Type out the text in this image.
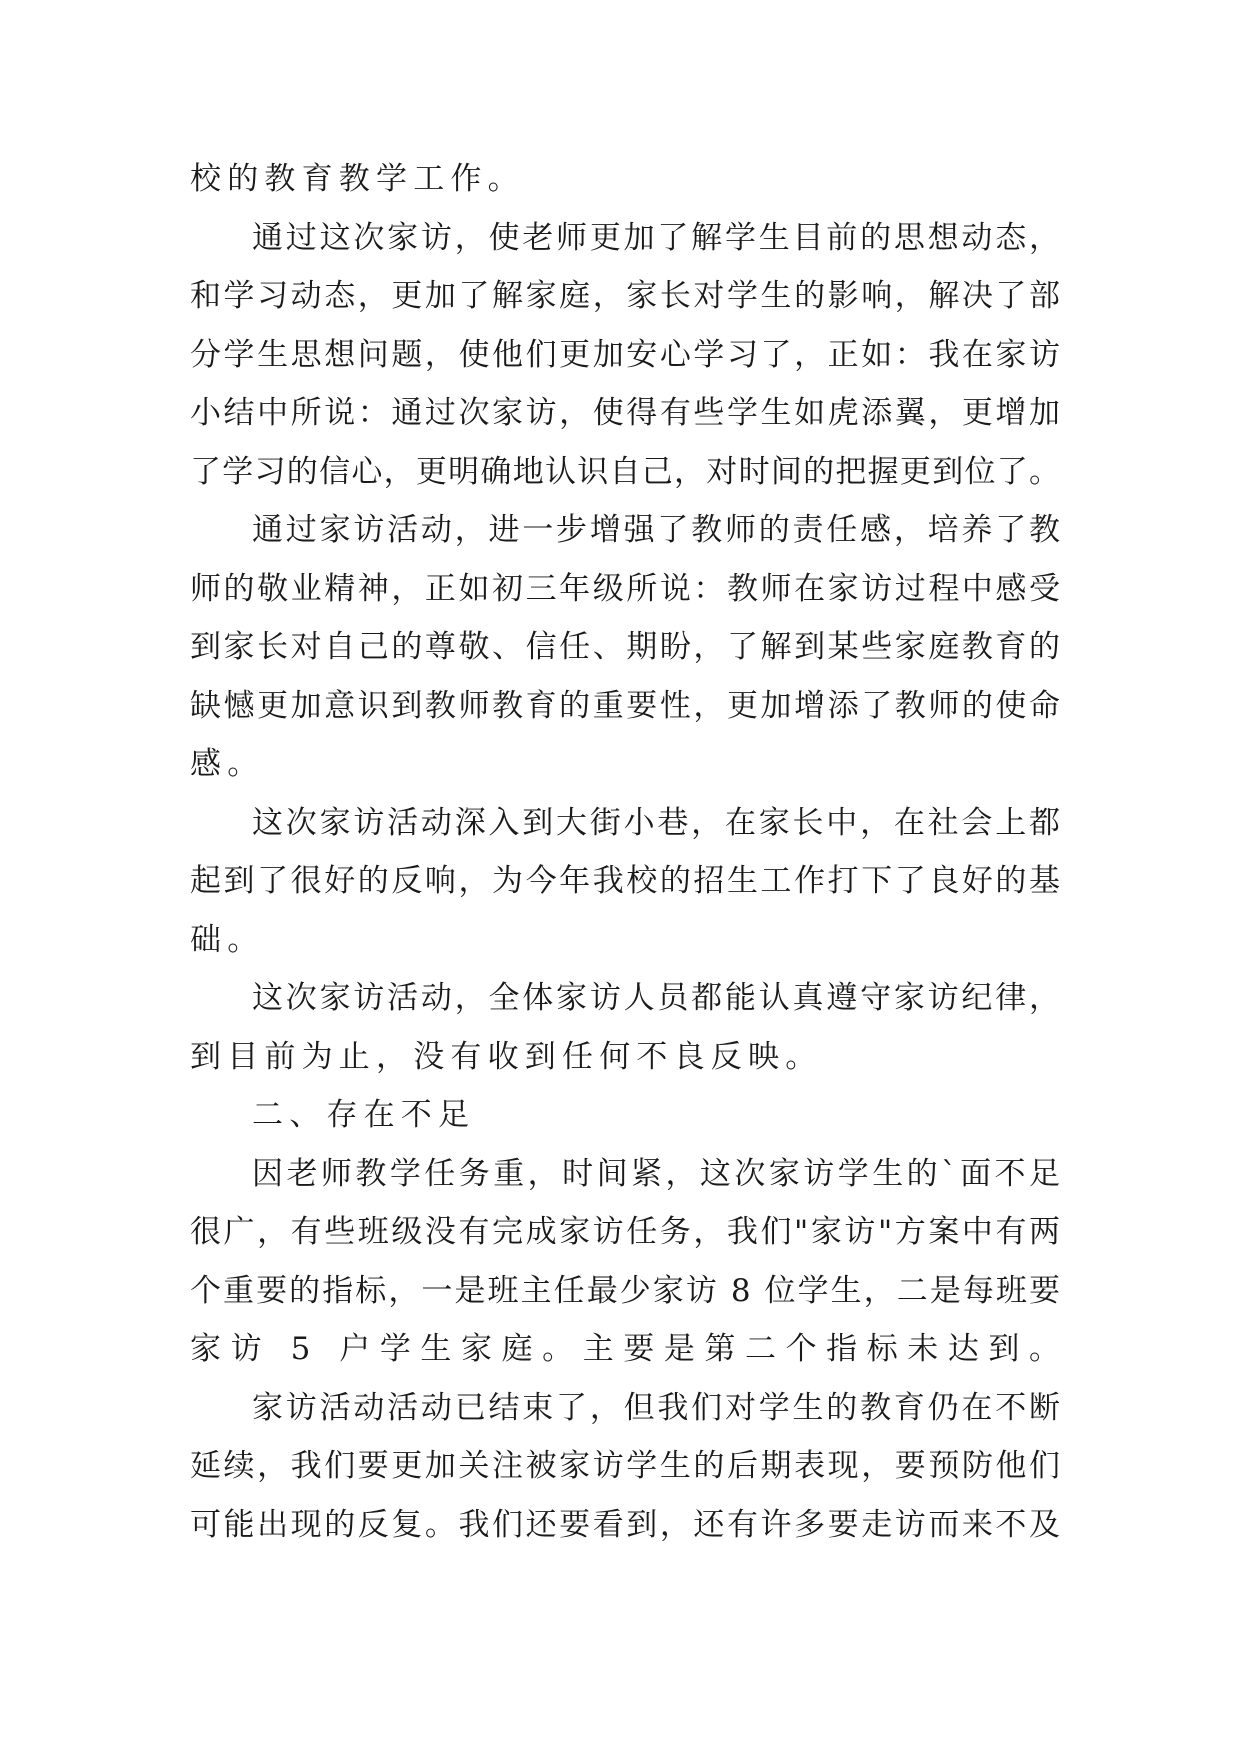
校的教育教学工作。
通过这次家访，使老师更加了解学生目前的思想动态，
和学习动态，更加了解家庭，家长对学生的影响，解决了部
分学生思想问题，使他们更加安心学习了，正如：我在家访
小结中所说：通过次家访，使得有些学生如虎添翼，更增加
了学习的信心，更明确地认识自己，对时间的把握更到位了。
通过家访活动，进一步增强了教师的责任感，培养了教
师的敬业精神，正如初三年级所说：教师在家访过程中感受
到家长对自己的尊敬、信任、期盼，了解到某些家庭教育的
缺憾更加意识到教师教育的重要性，更加增添了教师的使命
感。
这次家访活动深入到大街小巷，在家长中，在社会上都
起到了很好的反响，为今年我校的招生工作打下了良好的基
础。
这次家访活动，全体家访人员都能认真遵守家访纪律，
到目前为止，没有收到任何不良反映。
二、存在不足
因老师教学任务重，时间紧，这次家访学生的`面不足
很广，有些班级没有完成家访任务，我们"家访"方案中有两
个重要的指标，一是班主任最少家访 8 位学生，二是每班要
家访 5 户学生家庭。主要是第二个指标未达到。
家访活动活动已结束了，但我们对学生的教育仍在不断
延续，我们要更加关注被家访学生的后期表现，要预防他们
可能出现的反复。我们还要看到，还有许多要走访而来不及
